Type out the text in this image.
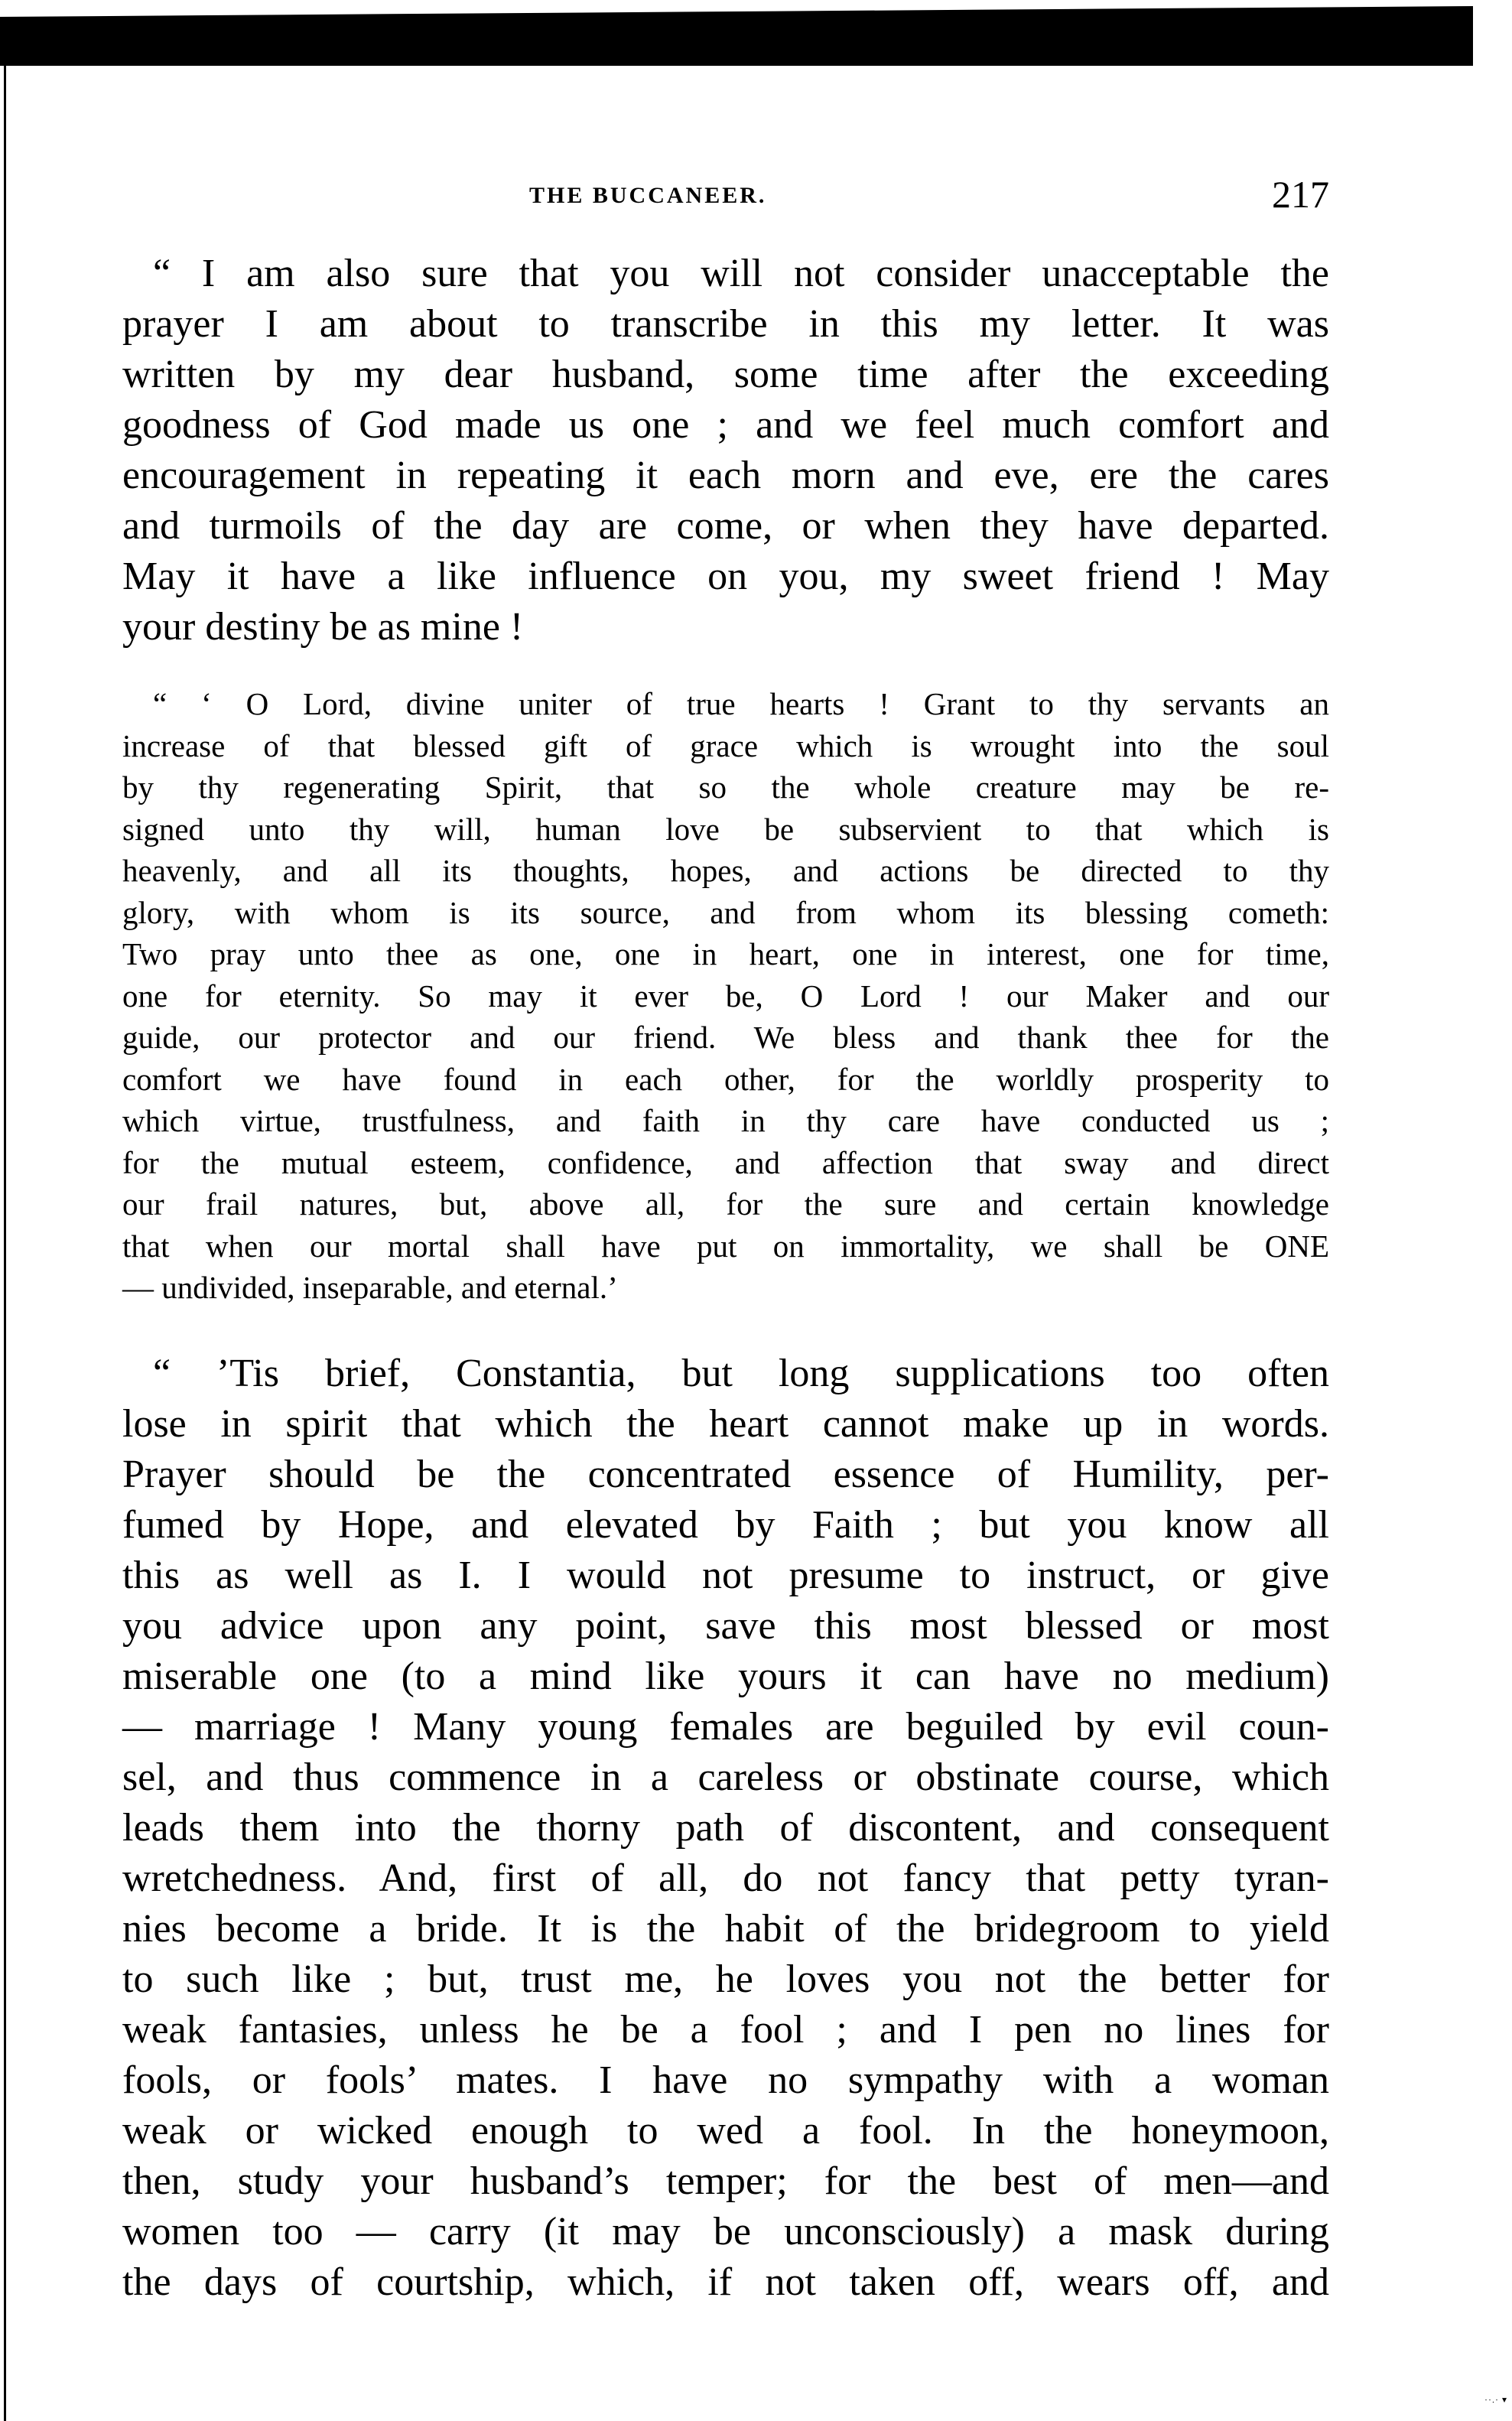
THE BUCCANEER.	217
“ I am also sure that you will not consider unacceptable the
prayer I am about to transcribe in this my letter. It was
written by my dear husband, some time after the exceeding
goodness of God made us one ; and we feel much comfort and
encouragement in repeating it each morn and eve, ere the cares
and turmoils of the day are come, or when they have departed.
May it have a like influence on you, my sweet friend ! May
your destiny be as mine !
“ ‘ O Lord, divine uniter of true hearts ! Grant to thy servants an
increase of that blessed gift of grace which is wrought into the soul
by thy regenerating Spirit, that so the whole creature may be re-
signed unto thy will, human love be subservient to that which is
heavenly, and all its thoughts, hopes, and actions be directed to thy
glory, with whom is its source, and from whom its blessing cometh:
Two pray unto thee as one, one in heart, one in interest, one for time,
one for eternity. So may it ever be, O Lord ! our Maker and our
guide, our protector and our friend. We bless and thank thee for the
comfort we have found in each other, for the worldly prosperity to
which virtue, trustfulness, and faith in thy care have conducted us ;
for the mutual esteem, confidence, and affection that sway and direct
our frail natures, but, above all, for the sure and certain knowledge
that when our mortal shall have put on immortality, we shall be ONE
— undivided, inseparable, and eternal.’
“ ’Tis brief, Constantia, but long supplications too often
lose in spirit that which the heart cannot make up in words.
Prayer should be the concentrated essence of Humility, per-
fumed by Hope, and elevated by Faith ; but you know all
this as well as I. I would not presume to instruct, or give
you advice upon any point, save this most blessed or most
miserable one (to a mind like yours it can have no medium)
— marriage ! Many young females are beguiled by evil coun-
sel, and thus commence in a careless or obstinate course, which
leads them into the thorny path of discontent, and consequent
wretchedness. And, first of all, do not fancy that petty tyran-
nies become a bride. It is the habit of the bridegroom to yield
to such like ; but, trust me, he loves you not the better for
weak fantasies, unless he be a fool ; and I pen no lines for
fools, or fools’ mates. I have no sympathy with a woman
weak or wicked enough to wed a fool. In the honeymoon,
then, study your husband’s temper; for the best of men—and
women too — carry (it may be unconsciously) a mask during
the days of courtship, which, if not taken off, wears off, and
··.· ▾
